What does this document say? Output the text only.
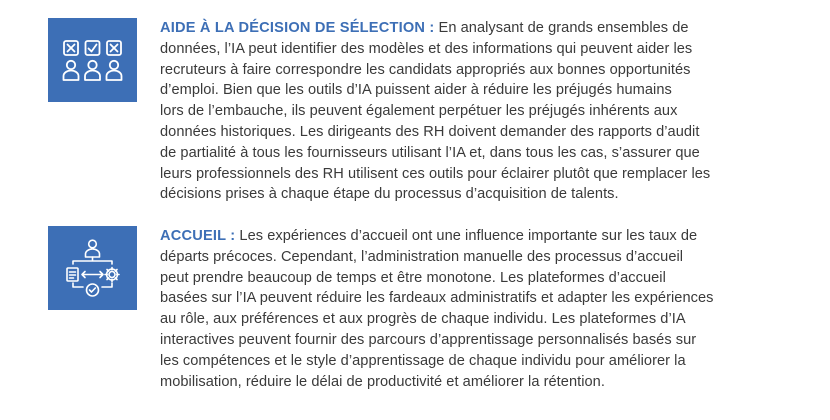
AIDE À LA DÉCISION DE SÉLECTION : En analysant de grands ensembles de
données, l’IA peut identifier des modèles et des informations qui peuvent aider les
recruteurs à faire correspondre les candidats appropriés aux bonnes opportunités
d’emploi. Bien que les outils d’IA puissent aider à réduire les préjugés humains
lors de l’embauche, ils peuvent également perpétuer les préjugés inhérents aux
données historiques. Les dirigeants des RH doivent demander des rapports d’audit
de partialité à tous les fournisseurs utilisant l’IA et, dans tous les cas, s’assurer que
leurs professionnels des RH utilisent ces outils pour éclairer plutôt que remplacer les
décisions prises à chaque étape du processus d’acquisition de talents.

ACCUEIL : Les expériences d’accueil ont une influence importante sur les taux de
départs précoces. Cependant, l’administration manuelle des processus d’accueil
peut prendre beaucoup de temps et être monotone. Les plateformes d’accueil
basées sur l’IA peuvent réduire les fardeaux administratifs et adapter les expériences
au rôle, aux préférences et aux progrès de chaque individu. Les plateformes d’IA
interactives peuvent fournir des parcours d’apprentissage personnalisés basés sur
les compétences et le style d’apprentissage de chaque individu pour améliorer la
mobilisation, réduire le délai de productivité et améliorer la rétention.
